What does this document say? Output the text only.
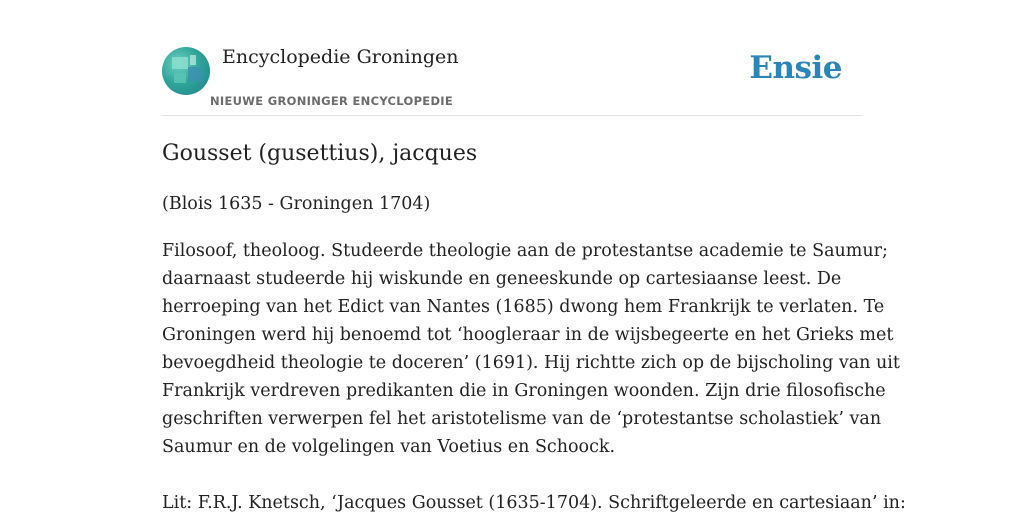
Encyclopedie Groningen
NIEUWE GRONINGER ENCYCLOPEDIE
Ensie
Gousset (gusettius), jacques

(Blois 1635 - Groningen 1704)

Filosoof, theoloog. Studeerde theologie aan de protestantse academie te Saumur;
daarnaast studeerde hij wiskunde en geneeskunde op cartesiaanse leest. De
herroeping van het Edict van Nantes (1685) dwong hem Frankrijk te verlaten. Te
Groningen werd hij benoemd tot ‘hoogleraar in de wijsbegeerte en het Grieks met
bevoegdheid theologie te doceren’ (1691). Hij richtte zich op de bijscholing van uit
Frankrijk verdreven predikanten die in Groningen woonden. Zijn drie filosofische
geschriften verwerpen fel het aristotelisme van de ‘protestantse scholastiek’ van
Saumur en de volgelingen van Voetius en Schoock.

Lit: F.R.J. Knetsch, ‘Jacques Gousset (1635-1704). Schriftgeleerde en cartesiaan’ in:
